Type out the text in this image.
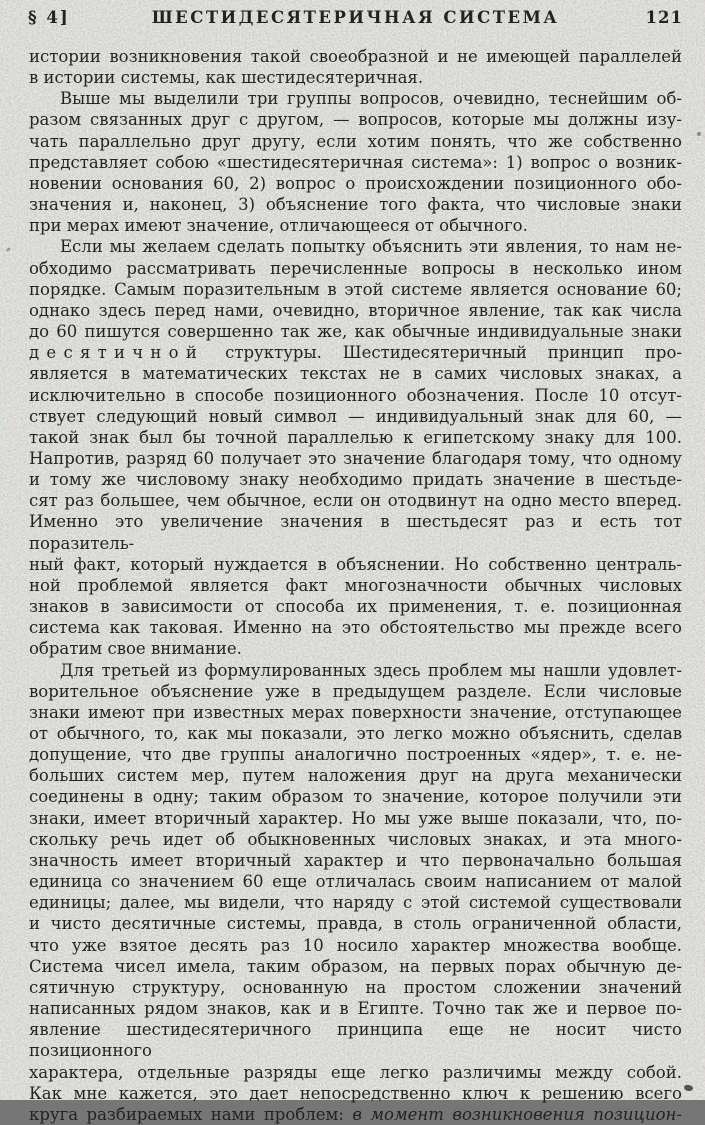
§ 4]	ШЕСТИДЕСЯТЕРИЧНАЯ СИСТЕМА	121
истории возникновения такой своеобразной и не имеющей параллелей
в истории системы, как шестидесятеричная.
Выше мы выделили три группы вопросов, очевидно, теснейшим об-
разом связанных друг с другом, — вопросов, которые мы должны изу-
чать параллельно друг другу, если хотим понять, что же собственно
представляет собою «шестидесятеричная система»: 1) вопрос о возник-
новении основания 60, 2) вопрос о происхождении позиционного обо-
значения и, наконец, 3) объяснение того факта, что числовые знаки
при мерах имеют значение, отличающееся от обычного.
Если мы желаем сделать попытку объяснить эти явления, то нам не-
обходимо рассматривать перечисленные вопросы в несколько ином
порядке. Самым поразительным в этой системе является основание 60;
однако здесь перед нами, очевидно, вторичное явление, так как числа
до 60 пишутся совершенно так же, как обычные индивидуальные знаки
десятичной структуры. Шестидесятеричный принцип про-
является в математических текстах не в самих числовых знаках, а
исключительно в способе позиционного обозначения. После 10 отсут-
ствует следующий новый символ — индивидуальный знак для 60, —
такой знак был бы точной параллелью к египетскому знаку для 100.
Напротив, разряд 60 получает это значение благодаря тому, что одному
и тому же числовому знаку необходимо придать значение в шестьде-
сят раз большее, чем обычное, если он отодвинут на одно место вперед.
Именно это увеличение значения в шестьдесят раз и есть тот поразитель-
ный факт, который нуждается в объяснении. Но собственно централь-
ной проблемой является факт многозначности обычных числовых
знаков в зависимости от способа их применения, т. е. позиционная
система как таковая. Именно на это обстоятельство мы прежде всего
обратим свое внимание.
Для третьей из формулированных здесь проблем мы нашли удовлет-
ворительное объяснение уже в предыдущем разделе. Если числовые
знаки имеют при известных мерах поверхности значение, отступающее
от обычного, то, как мы показали, это легко можно объяснить, сделав
допущение, что две группы аналогично построенных «ядер», т. е. не-
больших систем мер, путем наложения друг на друга механически
соединены в одну; таким образом то значение, которое получили эти
знаки, имеет вторичный характер. Но мы уже выше показали, что, по-
скольку речь идет об обыкновенных числовых знаках, и эта много-
значность имеет вторичный характер и что первоначально большая
единица со значением 60 еще отличалась своим написанием от малой
единицы; далее, мы видели, что наряду с этой системой существовали
и чисто десятичные системы, правда, в столь ограниченной области,
что уже взятое десять раз 10 носило характер множества вообще.
Система чисел имела, таким образом, на первых порах обычную де-
сятичную структуру, основанную на простом сложении значений
написанных рядом знаков, как и в Египте. Точно так же и первое по-
явление шестидесятеричного принципа еще не носит чисто позиционного
характера, отдельные разряды еще легко различимы между собой.
Как мне кажется, это дает непосредственно ключ к решению всего
круга разбираемых нами проблем: в момент возникновения позицион-
